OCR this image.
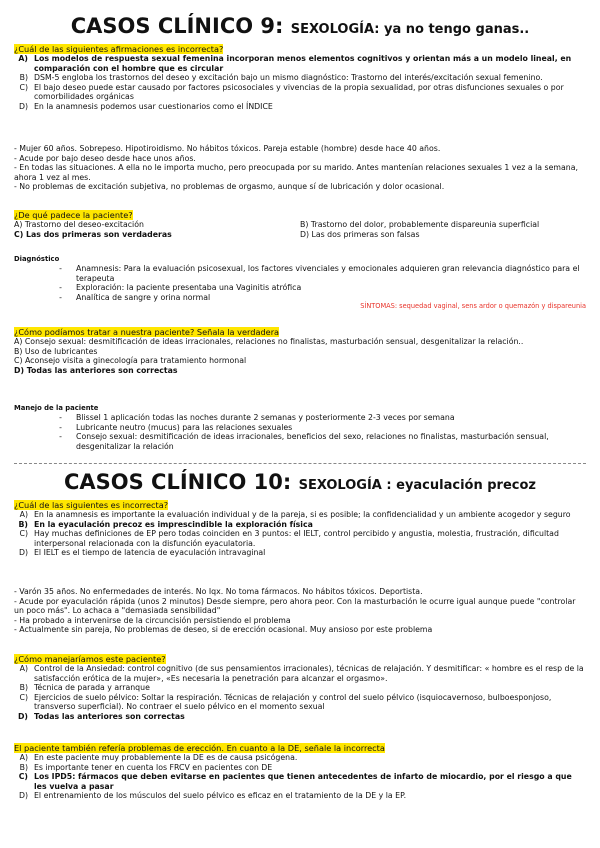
CASOS CLÍNICO 9: SEXOLOGÍA: ya no tengo ganas..
¿Cuál de las siguientes afirmaciones es incorrecta?
A) Los modelos de respuesta sexual femenina incorporan menos elementos cognitivos y orientan más a un modelo lineal, en comparación con el hombre que es circular
B) DSM-5 engloba los trastornos del deseo y excitación bajo un mismo diagnóstico: Trastorno del interés/excitación sexual femenino.
C) El bajo deseo puede estar causado por factores psicosociales y vivencias de la propia sexualidad, por otras disfunciones sexuales o por comorbilidades orgánicas
D) En la anamnesis podemos usar cuestionarios como el ÍNDICE
- Mujer 60 años. Sobrepeso. Hipotiroidismo. No hábitos tóxicos. Pareja estable (hombre) desde hace 40 años.
- Acude por bajo deseo desde hace unos años.
- En todas las situaciones. A ella no le importa mucho, pero preocupada por su marido. Antes mantenían relaciones sexuales 1 vez a la semana, ahora 1 vez al mes.
- No problemas de excitación subjetiva, no problemas de orgasmo, aunque sí de lubricación y dolor ocasional.
¿De qué padece la paciente?
A) Trastorno del deseo-excitación	B) Trastorno del dolor, probablemente dispareunia superficial
C) Las dos primeras son verdaderas	D) Las dos primeras son falsas
Diagnóstico
-	Anamnesis: Para la evaluación psicosexual, los factores vivenciales y emocionales adquieren gran relevancia diagnóstico para el terapeuta
-	Exploración: la paciente presentaba una Vaginitis atrófica
-	Analítica de sangre y orina normal
SÍNTOMAS: sequedad vaginal, sens ardor o quemazón y dispareunia
¿Cómo podíamos tratar a nuestra paciente? Señala la verdadera
A) Consejo sexual: desmitificación de ideas irracionales, relaciones no finalistas, masturbación sensual, desgenitalizar la relación..
B) Uso de lubricantes
C) Aconsejo visita a ginecología para tratamiento hormonal
D) Todas las anteriores son correctas
Manejo de la paciente
-	Blissel 1 aplicación todas las noches durante 2 semanas y posteriormente 2-3 veces por semana
-	Lubricante neutro (mucus) para las relaciones sexuales
-	Consejo sexual: desmitificación de ideas irracionales, beneficios del sexo, relaciones no finalistas, masturbación sensual, desgenitalizar la relación
CASOS CLÍNICO 10: SEXOLOGÍA : eyaculación precoz
¿Cuál de las siguientes es incorrecta?
A) En la anamnesis es importante la evaluación individual y de la pareja, si es posible; la confidencialidad y un ambiente acogedor y seguro
B) En la eyaculación precoz es imprescindible la exploración física
C) Hay muchas definiciones de EP pero todas coinciden en 3 puntos: el IELT, control percibido y angustia, molestia, frustración, dificultad interpersonal relacionada con la disfunción eyaculatoria.
D) El IELT es el tiempo de latencia de eyaculación intravaginal
- Varón 35 años. No enfermedades de interés. No Iqx. No toma fármacos. No hábitos tóxicos. Deportista.
- Acude por eyaculación rápida (unos 2 minutos) Desde siempre, pero ahora peor. Con la masturbación le ocurre igual aunque puede "controlar un poco más". Lo achaca a "demasiada sensibilidad"
- Ha probado a intervenirse de la circuncisión persistiendo el problema
- Actualmente sin pareja, No problemas de deseo, si de erección ocasional. Muy ansioso por este problema
¿Cómo manejaríamos este paciente?
A) Control de la Ansiedad: control cognitivo (de sus pensamientos irracionales), técnicas de relajación. Y desmitificar: « hombre es el resp de la satisfacción erótica de la mujer», «Es necesaria la penetración para alcanzar el orgasmo».
B) Técnica de parada y arranque
C) Ejercicios de suelo pélvico: Soltar la respiración. Técnicas de relajación y control del suelo pélvico (isquiocavernoso, bulboesponjoso, transverso superficial). No contraer el suelo pélvico en el momento sexual
D) Todas las anteriores son correctas
El paciente también refería problemas de erección. En cuanto a la DE, señale la incorrecta
A) En este paciente muy probablemente la DE es de causa psicógena.
B) Es importante tener en cuenta los FRCV en pacientes con DE
C) Los IPD5: fármacos que deben evitarse en pacientes que tienen antecedentes de infarto de miocardio, por el riesgo a que les vuelva a pasar
D) El entrenamiento de los músculos del suelo pélvico es eficaz en el tratamiento de la DE y la EP.
